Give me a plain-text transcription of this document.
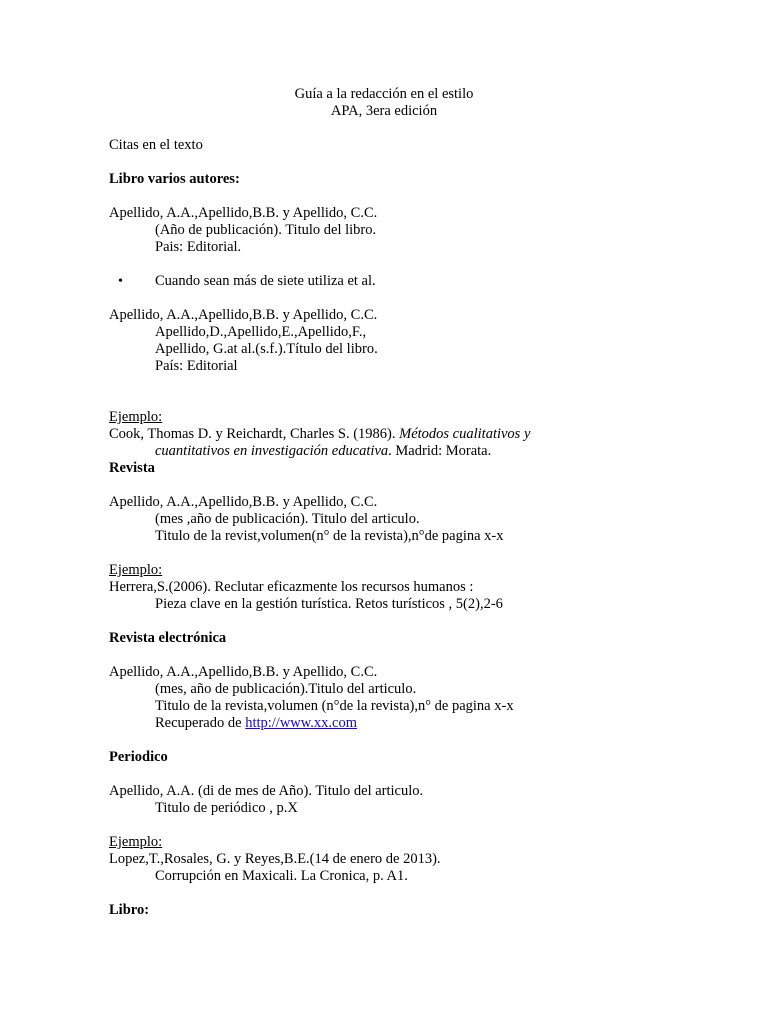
Guía a la redacción en el estilo
APA, 3era edición
Citas en el texto
Libro varios autores:
Apellido, A.A.,Apellido,B.B. y Apellido, C.C.
(Año de publicación). Titulo del libro.
Pais: Editorial.
• Cuando sean más de siete utiliza et al.
Apellido, A.A.,Apellido,B.B. y Apellido, C.C.
Apellido,D.,Apellido,E.,Apellido,F.,
Apellido, G.at al.(s.f.).Título del libro.
País: Editorial
Ejemplo:
Cook, Thomas D. y Reichardt, Charles S. (1986). Métodos cualitativos y
cuantitativos en investigación educativa. Madrid: Morata.
Revista
Apellido, A.A.,Apellido,B.B. y Apellido, C.C.
(mes ,año de publicación). Titulo del articulo.
Titulo de la revist,volumen(n° de la revista),n°de pagina x-x
Ejemplo:
Herrera,S.(2006). Reclutar eficazmente los recursos humanos :
Pieza clave en la gestión turística. Retos turísticos , 5(2),2-6
Revista electrónica
Apellido, A.A.,Apellido,B.B. y Apellido, C.C.
(mes, año de publicación).Titulo del articulo.
Titulo de la revista,volumen (n°de la revista),n° de pagina x-x
Recuperado de http://www.xx.com
Periodico
Apellido, A.A. (di de mes de Año). Titulo del articulo.
Titulo de periódico , p.X
Ejemplo:
Lopez,T.,Rosales, G. y Reyes,B.E.(14 de enero de 2013).
Corrupción en Maxicali. La Cronica, p. A1.
Libro:
